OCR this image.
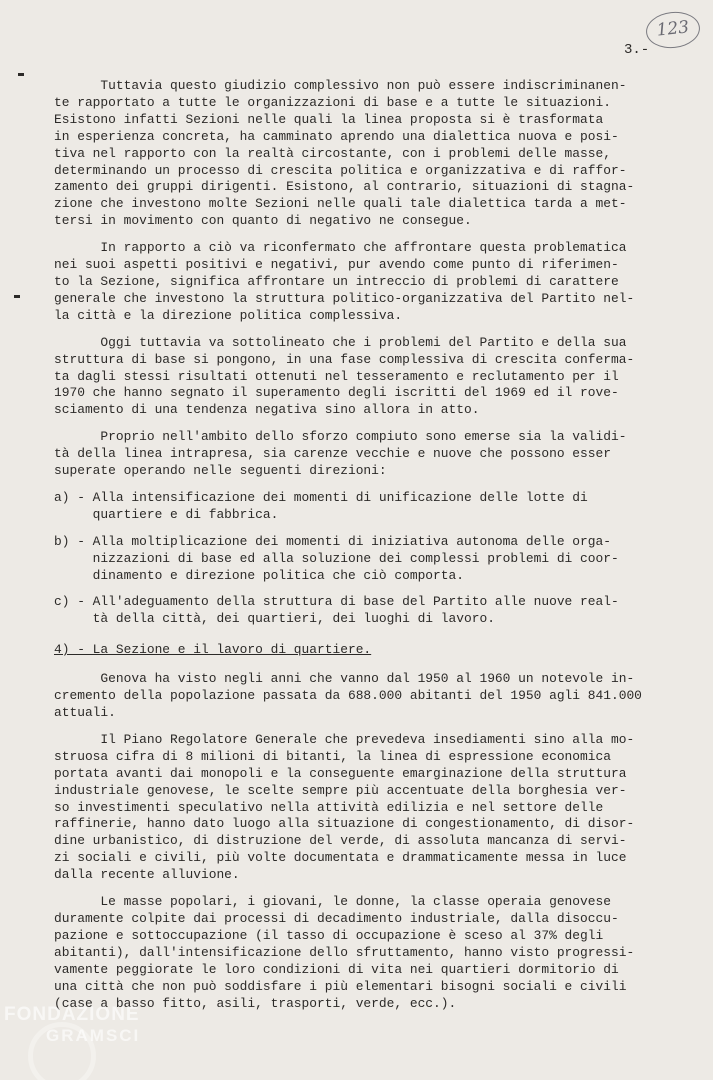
123
3.-
Tuttavia questo giudizio complessivo non può essere indiscriminanen-
te rapportato a tutte le organizzazioni di base e a tutte le situazioni.
Esistono infatti Sezioni nelle quali la linea proposta si è trasformata
in esperienza concreta, ha camminato aprendo una dialettica nuova e posi-
tiva nel rapporto con la realtà circostante, con i problemi delle masse,
determinando un processo di crescita politica e organizzativa e di raffor-
zamento dei gruppi dirigenti. Esistono, al contrario, situazioni di stagna-
zione che investono molte Sezioni nelle quali tale dialettica tarda a met-
tersi in movimento con quanto di negativo ne consegue.
In rapporto a ciò va riconfermato che affrontare questa problematica
nei suoi aspetti positivi e negativi, pur avendo come punto di riferimen-
to la Sezione, significa affrontare un intreccio di problemi di carattere
generale che investono la struttura politico-organizzativa del Partito nel-
la città e la direzione politica complessiva.
Oggi tuttavia va sottolineato che i problemi del Partito e della sua
struttura di base si pongono, in una fase complessiva di crescita conferma-
ta dagli stessi risultati ottenuti nel tesseramento e reclutamento per il
1970 che hanno segnato il superamento degli iscritti del 1969 ed il rove-
sciamento di una tendenza negativa sino allora in atto.
Proprio nell'ambito dello sforzo compiuto sono emerse sia la validi-
tà della linea intrapresa, sia carenze vecchie e nuove che possono esser
superate operando nelle seguenti direzioni:
a) - Alla intensificazione dei momenti di unificazione delle lotte di
quartiere e di fabbrica.
b) - Alla moltiplicazione dei momenti di iniziativa autonoma delle orga-
nizzazioni di base ed alla soluzione dei complessi problemi di coor-
dinamento e direzione politica che ciò comporta.
c) - All'adeguamento della struttura di base del Partito alle nuove real-
tà della città, dei quartieri, dei luoghi di lavoro.
4) - La Sezione e il lavoro di quartiere.
Genova ha visto negli anni che vanno dal 1950 al 1960 un notevole in-
cremento della popolazione passata da 688.000 abitanti del 1950 agli 841.000
attuali.
Il Piano Regolatore Generale che prevedeva insediamenti sino alla mo-
struosa cifra di 8 milioni di bitanti, la linea di espressione economica
portata avanti dai monopoli e la conseguente emarginazione della struttura
industriale genovese, le scelte sempre più accentuate della borghesia ver-
so investimenti speculativo nella attività edilizia e nel settore delle
raffinerie, hanno dato luogo alla situazione di congestionamento, di disor-
dine urbanistico, di distruzione del verde, di assoluta mancanza di servi-
zi sociali e civili, più volte documentata e drammaticamente messa in luce
dalla recente alluvione.
Le masse popolari, i giovani, le donne, la classe operaia genovese
duramente colpite dai processi di decadimento industriale, dalla disoccu-
pazione e sottoccupazione (il tasso di occupazione è sceso al 37% degli
abitanti), dall'intensificazione dello sfruttamento, hanno visto progressi-
vamente peggiorate le loro condizioni di vita nei quartieri dormitorio di
una città che non può soddisfare i più elementari bisogni sociali e civili
(case a basso fitto, asili, trasporti, verde, ecc.).
FONDAZIONE
GRAMSCI
